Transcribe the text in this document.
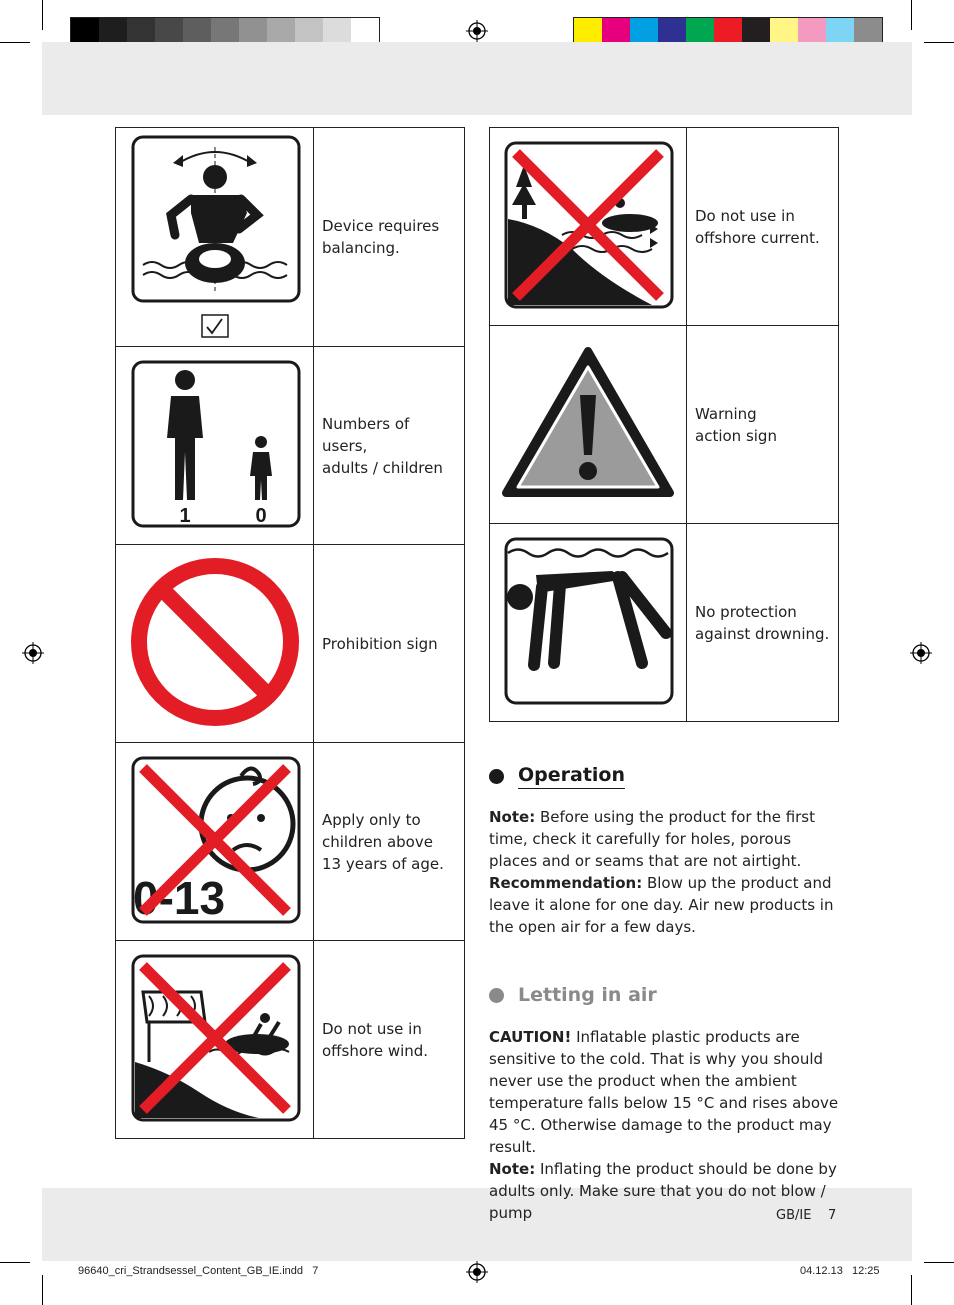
Device requires
balancing.

1 0	Numbers of users,
adults / children

Prohibition sign

0-13	Apply only to
children above
13 years of age.

Do not use in
offshore wind.

Do not use in
offshore current.

Warning
action sign

No protection
against drowning.
Operation
Note: Before using the product for the first time, check it carefully for holes, porous places and or seams that are not airtight.
Recommendation: Blow up the product and leave it alone for one day. Air new products in the open air for a few days.
Letting in air
CAUTION! Inflatable plastic products are sensitive to the cold. That is why you should never use the product when the ambient temperature falls below 15 °C and rises above 45 °C. Otherwise damage to the product may result.
Note: Inflating the product should be done by adults only. Make sure that you do not blow / pump	GB/IE 7
96640_cri_Strandsessel_Content_GB_IE.indd   7	04.12.13   12:25
